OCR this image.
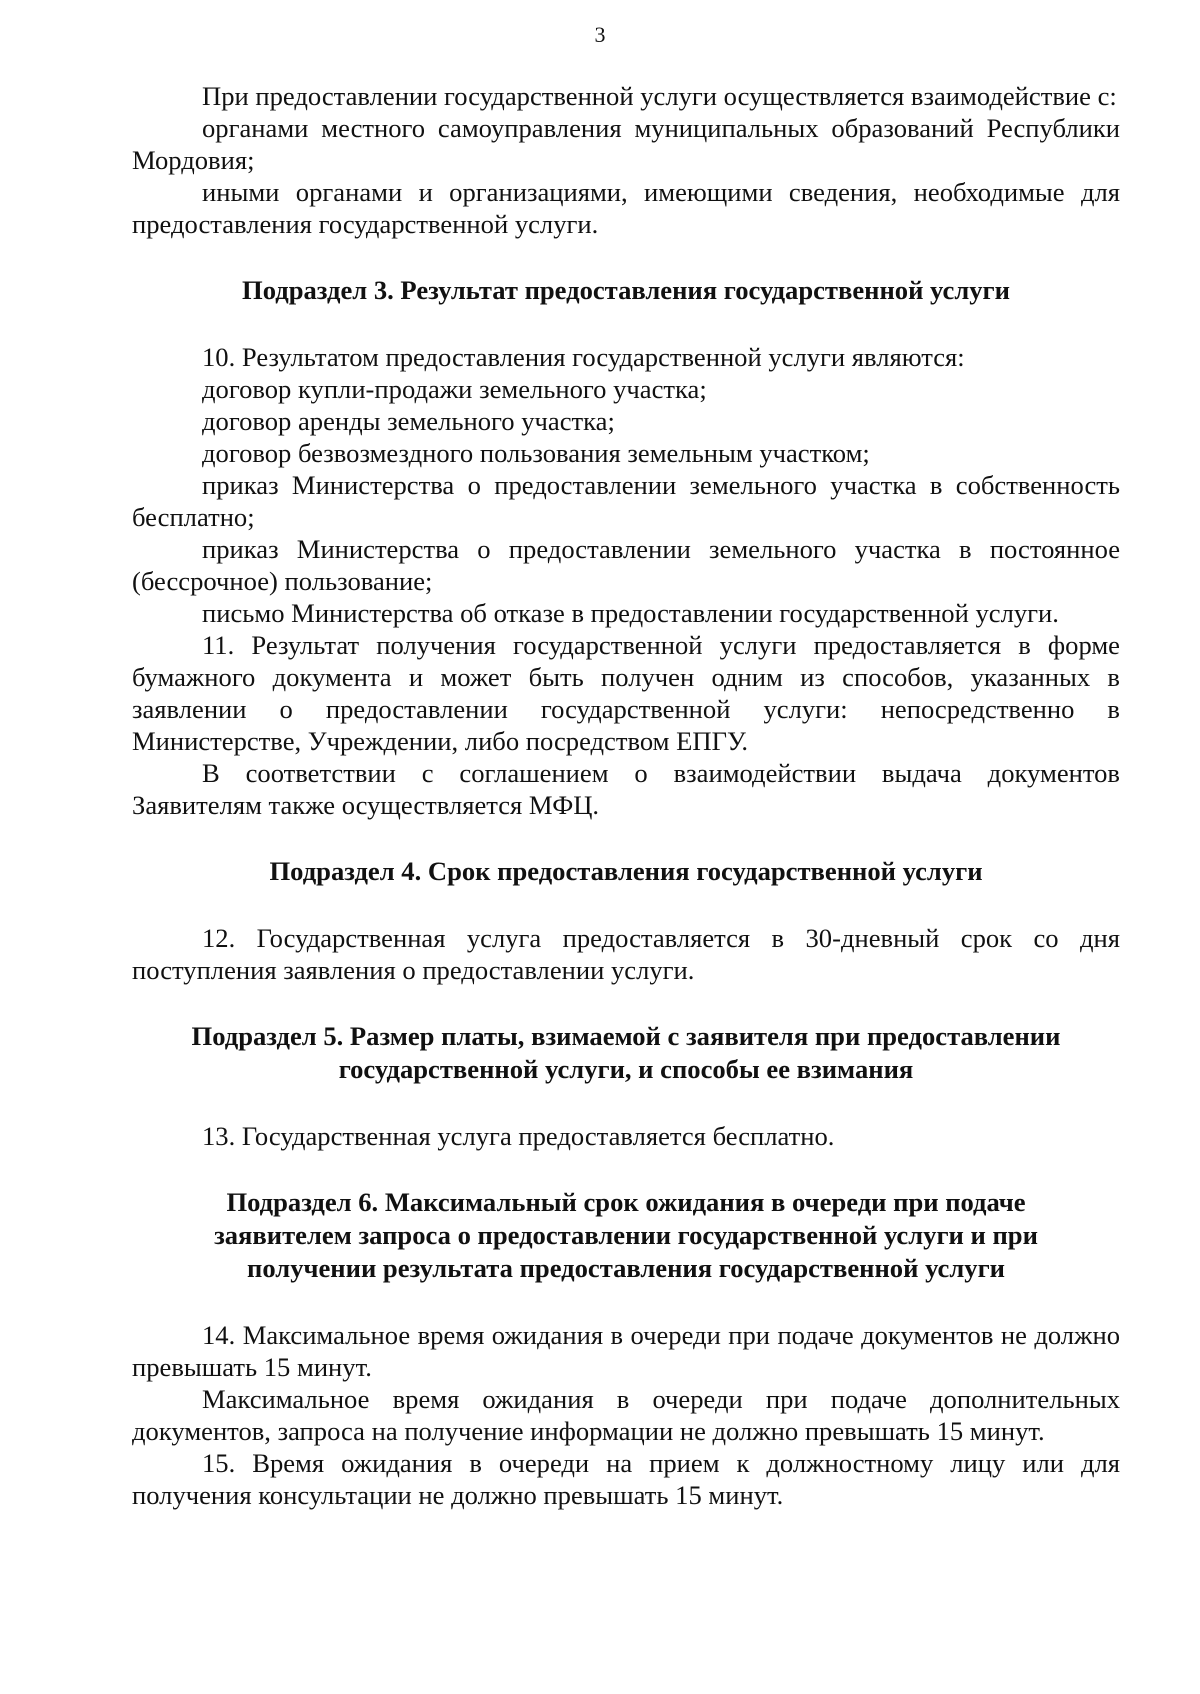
3

При предоставлении государственной услуги осуществляется взаимодействие с:

органами местного самоуправления муниципальных образований Республики Мордовия;

иными органами и организациями, имеющими сведения, необходимые для предоставления государственной услуги.

Подраздел 3. Результат предоставления государственной услуги

10. Результатом предоставления государственной услуги являются:

договор купли-продажи земельного участка;

договор аренды земельного участка;

договор безвозмездного пользования земельным участком;

приказ Министерства о предоставлении земельного участка в собственность бесплатно;

приказ Министерства о предоставлении земельного участка в постоянное (бессрочное) пользование;

письмо Министерства об отказе в предоставлении государственной услуги.

11. Результат получения государственной услуги предоставляется в форме бумажного документа и может быть получен одним из способов, указанных в заявлении о предоставлении государственной услуги: непосредственно в Министерстве, Учреждении, либо посредством ЕПГУ.

В соответствии с соглашением о взаимодействии выдача документов Заявителям также осуществляется МФЦ.

Подраздел 4. Срок предоставления государственной услуги

12. Государственная услуга предоставляется в 30-дневный срок со дня поступления заявления о предоставлении услуги.

Подраздел 5. Размер платы, взимаемой с заявителя при предоставлении
государственной услуги, и способы ее взимания

13. Государственная услуга предоставляется бесплатно.

Подраздел 6. Максимальный срок ожидания в очереди при подаче
заявителем запроса о предоставлении государственной услуги и при
получении результата предоставления государственной услуги

14. Максимальное время ожидания в очереди при подаче документов не должно превышать 15 минут.

Максимальное время ожидания в очереди при подаче дополнительных документов, запроса на получение информации не должно превышать 15 минут.

15. Время ожидания в очереди на прием к должностному лицу или для получения консультации не должно превышать 15 минут.
